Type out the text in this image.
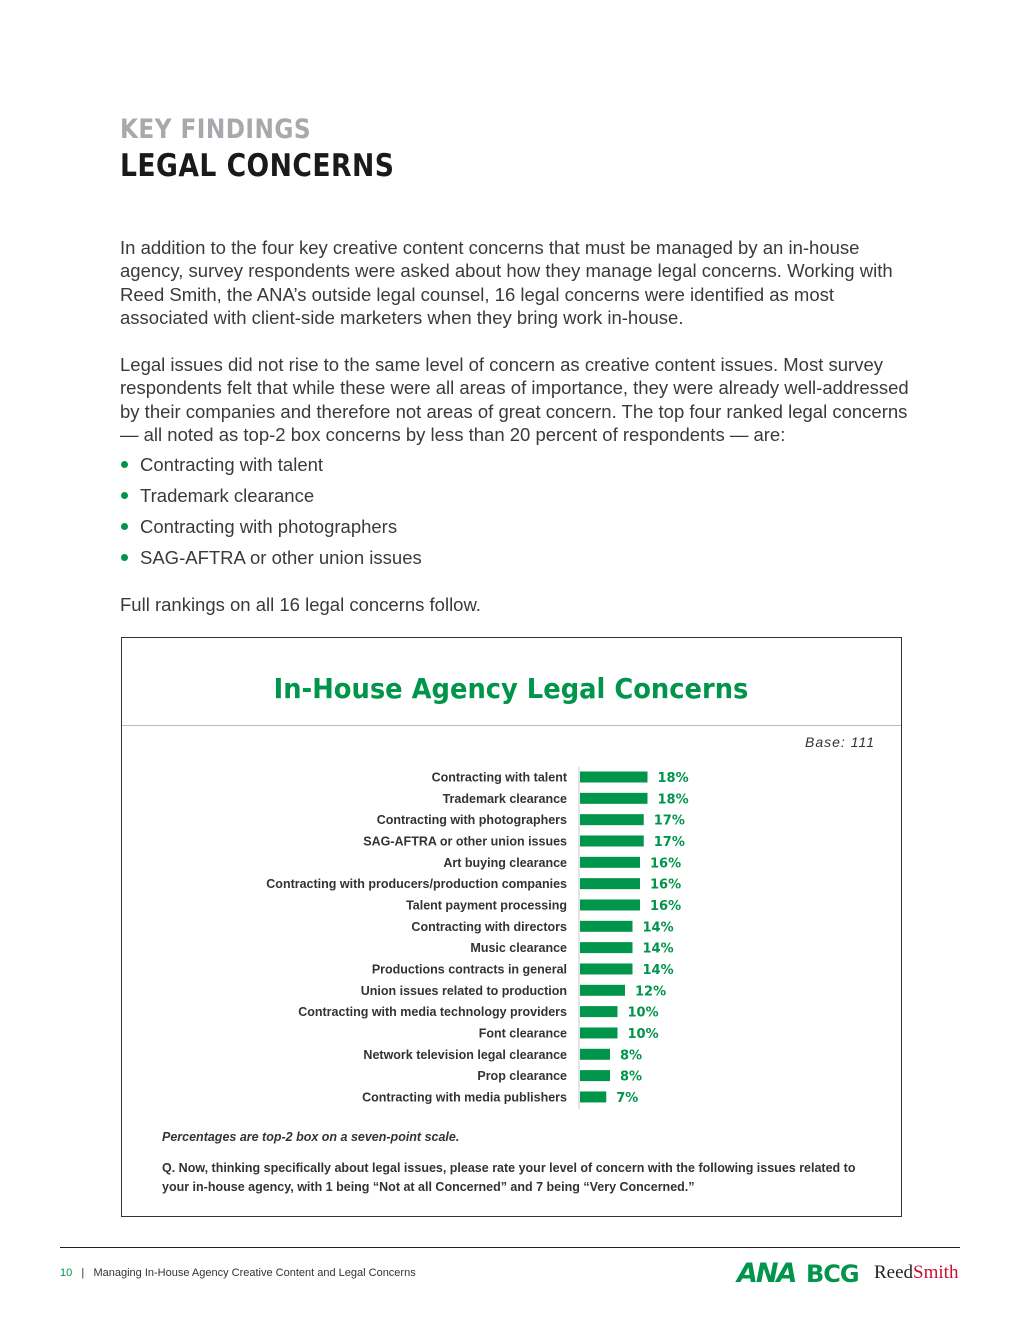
KEY FINDINGS
LEGAL CONCERNS

In addition to the four key creative content concerns that must be managed by an in-house agency, survey respondents were asked about how they manage legal concerns. Working with Reed Smith, the ANA’s outside legal counsel, 16 legal concerns were identified as most associated with client-side marketers when they bring work in-house.

Legal issues did not rise to the same level of concern as creative content issues. Most survey respondents felt that while these were all areas of importance, they were already well-addressed by their companies and therefore not areas of great concern. The top four ranked legal concerns — all noted as top-2 box concerns by less than 20 percent of respondents — are:

Contracting with talent
Trademark clearance
Contracting with photographers
SAG-AFTRA or other union issues

Full rankings on all 16 legal concerns follow.

In-House Agency Legal Concerns
Base: 111
Contracting with talent	18%
Trademark clearance	18%
Contracting with photographers	17%
SAG-AFTRA or other union issues	17%
Art buying clearance	16%
Contracting with producers/production companies	16%
Talent payment processing	16%
Contracting with directors	14%
Music clearance	14%
Productions contracts in general	14%
Union issues related to production	12%
Contracting with media technology providers	10%
Font clearance	10%
Network television legal clearance	8%
Prop clearance	8%
Contracting with media publishers	7%
Percentages are top-2 box on a seven-point scale.

Q. Now, thinking specifically about legal issues, please rate your level of concern with the following issues related to your in-house agency, with 1 being “Not at all Concerned” and 7 being “Very Concerned.”

10 | Managing In-House Agency Creative Content and Legal Concerns	ANA BCG ReedSmith
